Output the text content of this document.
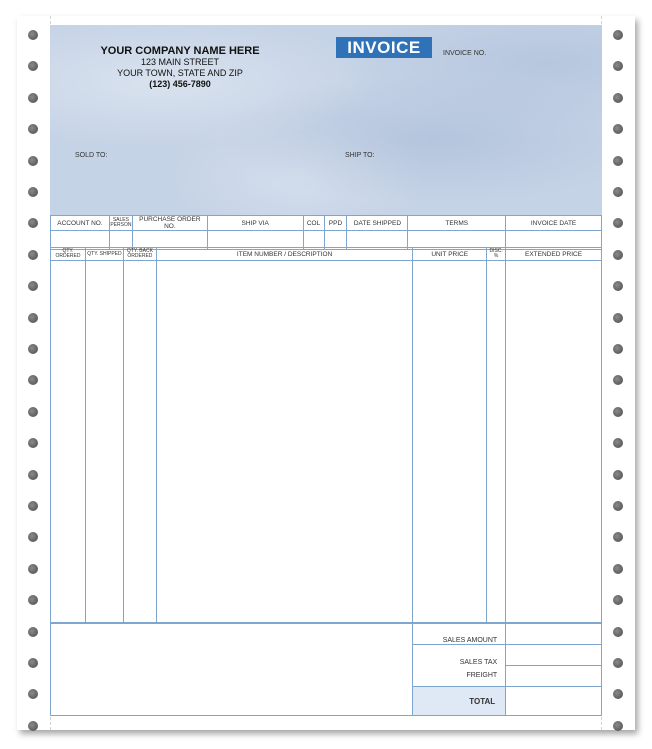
YOUR COMPANY NAME HERE
123 MAIN STREET
YOUR TOWN, STATE AND ZIP
(123) 456-7890
INVOICE	INVOICE NO.
SOLD TO:	SHIP TO:
ACCOUNT NO.	SALES PERSON	PURCHASE ORDER NO.	SHIP VIA	COL	PPD	DATE SHIPPED	TERMS	INVOICE DATE

QTY. ORDERED	QTY. SHIPPED	QTY. BACK ORDERED	ITEM NUMBER / DESCRIPTION	UNIT PRICE	DISC. %	EXTENDED PRICE

	SALES AMOUNT	
	SALES TAX	
	FREIGHT	
	TOTAL	
